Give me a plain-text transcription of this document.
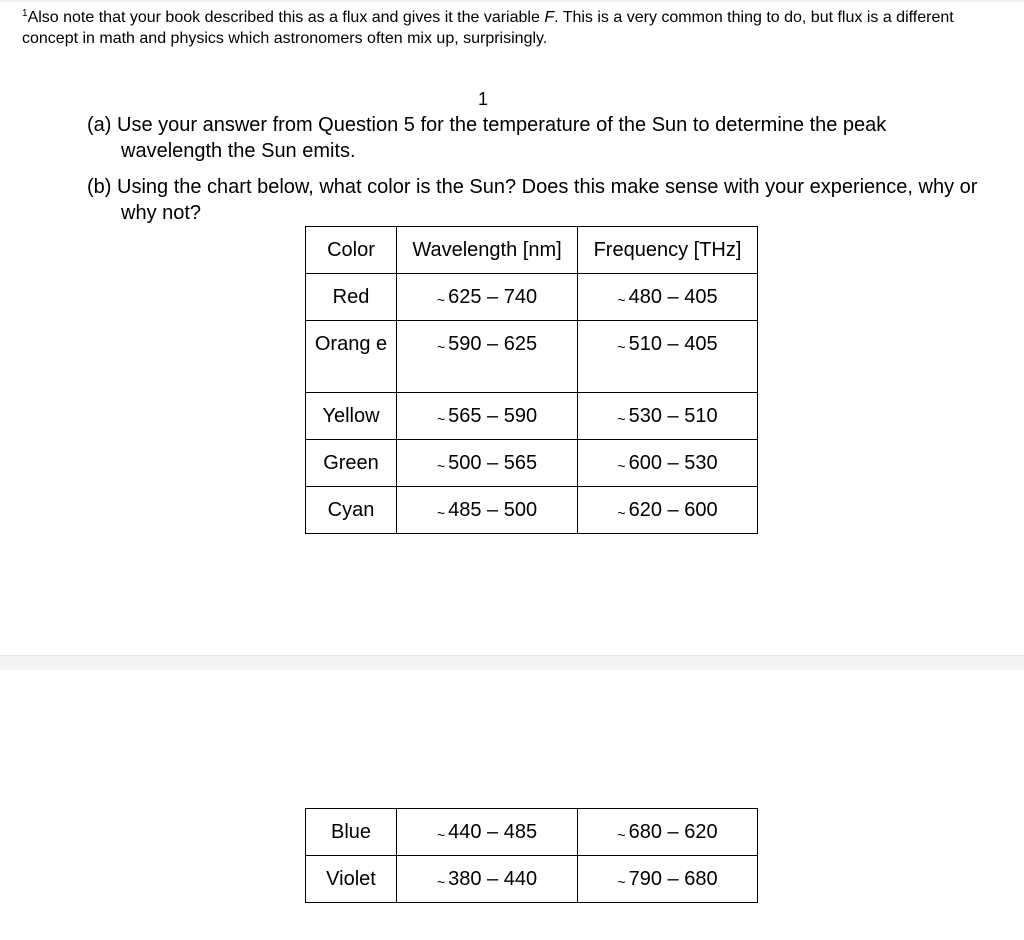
$^1$Also note that your book described this as a flux and gives it the variable F. This is a very common thing to do, but flux is a different concept in math and physics which astronomers often mix up, surprisingly.
1
(a) Use your answer from Question 5 for the temperature of the Sun to determine the peak wavelength the Sun emits.
(b) Using the chart below, what color is the Sun? Does this make sense with your experience, why or why not?
Color	Wavelength [nm]	Frequency [THz]

Red	~ 625 – 740	~ 480 – 405

Orang e	~ 590 – 625	~ 510 – 405

Yellow	~ 565 – 590	~ 530 – 510

Green	~ 500 – 565	~ 600 – 530

Cyan	~ 485 – 500	~ 620 – 600
Blue	~ 440 – 485	~ 680 – 620

Violet	~ 380 – 440	~ 790 – 680
